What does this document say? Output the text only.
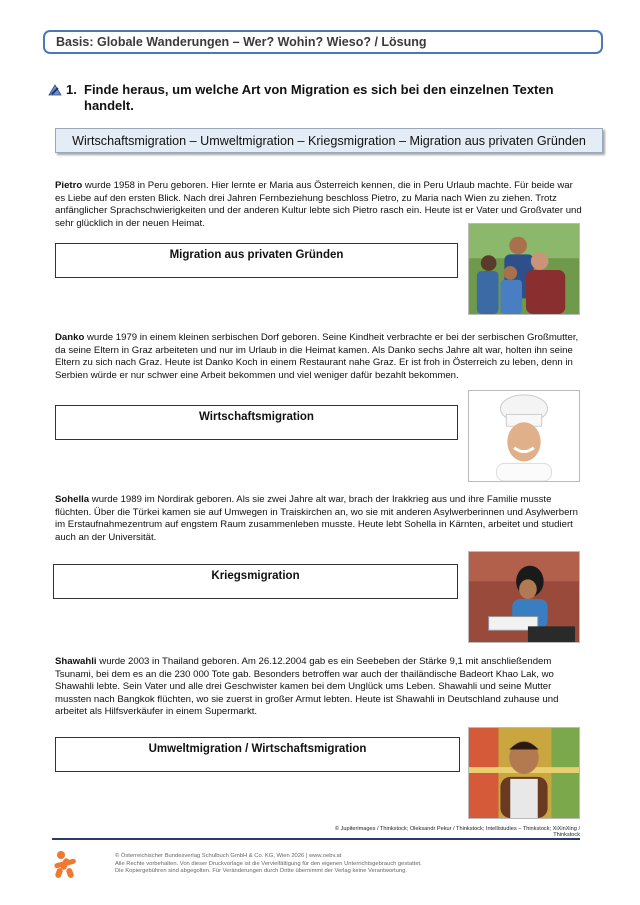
Basis: Globale Wanderungen – Wer? Wohin? Wieso? / Lösung
1. Finde heraus, um welche Art von Migration es sich bei den einzelnen Texten handelt.
Wirtschaftsmigration – Umweltmigration – Kriegsmigration – Migration aus privaten Gründen
Pietro wurde 1958 in Peru geboren. Hier lernte er Maria aus Österreich kennen, die in Peru Urlaub machte. Für beide war es Liebe auf den ersten Blick. Nach drei Jahren Fernbeziehung beschloss Pietro, zu Maria nach Wien zu ziehen. Trotz anfänglicher Sprachschwierigkeiten und der anderen Kultur lebte sich Pietro rasch ein. Heute ist er Vater und Großvater und sehr glücklich in der neuen Heimat.
Migration aus privaten Gründen
Danko wurde 1979 in einem kleinen serbischen Dorf geboren. Seine Kindheit verbrachte er bei der serbischen Großmutter, da seine Eltern in Graz arbeiteten und nur im Urlaub in die Heimat kamen. Als Danko sechs Jahre alt war, holten ihn seine Eltern zu sich nach Graz. Heute ist Danko Koch in einem Restaurant nahe Graz. Er ist froh in Österreich zu leben, denn in Serbien würde er nur schwer eine Arbeit bekommen und viel weniger dafür bezahlt bekommen.
Wirtschaftsmigration
Sohella wurde 1989 im Nordirak geboren. Als sie zwei Jahre alt war, brach der Irakkrieg aus und ihre Familie musste flüchten. Über die Türkei kamen sie auf Umwegen in Traiskirchen an, wo sie mit anderen Asylwerberinnen und Asylwerbern im Erstaufnahmezentrum auf engstem Raum zusammenleben musste. Heute lebt Sohella in Kärnten, arbeitet und studiert auch an der Universität.
Kriegsmigration
Shawahli wurde 2003 in Thailand geboren. Am 26.12.2004 gab es ein Seebeben der Stärke 9,1 mit anschließendem Tsunami, bei dem es an die 230 000 Tote gab. Besonders betroffen war auch der thailändische Badeort Khao Lak, wo Shawahli lebte. Sein Vater und alle drei Geschwister kamen bei dem Unglück ums Leben. Shawahli und seine Mutter mussten nach Bangkok flüchten, wo sie zuerst in großer Armut lebten. Heute ist Shawahli in Deutschland zuhause und arbeitet als Hilfsverkäufer in einem Supermarkt.
Umweltmigration / Wirtschaftsmigration
© Jupiterimages / Thinkstock; Oleksandr Pekur / Thinkstock; Intellistudies – Thinkstock; XiXinXing / Thinkstock
© Österreichischer Bundesverlag Schulbuch GmbH & Co. KG, Wien 2026 | www.oebv.at
Alle Rechte vorbehalten. Von dieser Druckvorlage ist die Vervielfältigung für den eigenen Unterrichtsgebrauch gestattet.
Die Kopiergebühren sind abgegolten. Für Veränderungen durch Dritte übernimmt der Verlag keine Verantwortung.
